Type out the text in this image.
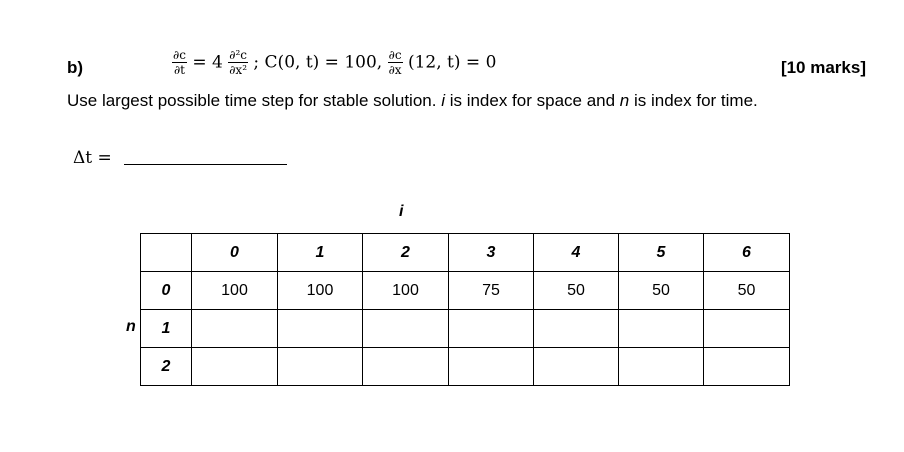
b)	$\frac{\partial c}{\partial t} = 4 \frac{\text{∂²c}}{\text{∂x²}}$ ; C(0, t) = 100, $\frac{\partial c}{\partial x} (12$, t) = 0	[10 marks]
Use largest possible time step for stable solution. i is index for space and n is index for time.
Δt =
i
n
	0	1	2	3	4	5	6
0	100	100	100	75	50	50	50
1							
2							
